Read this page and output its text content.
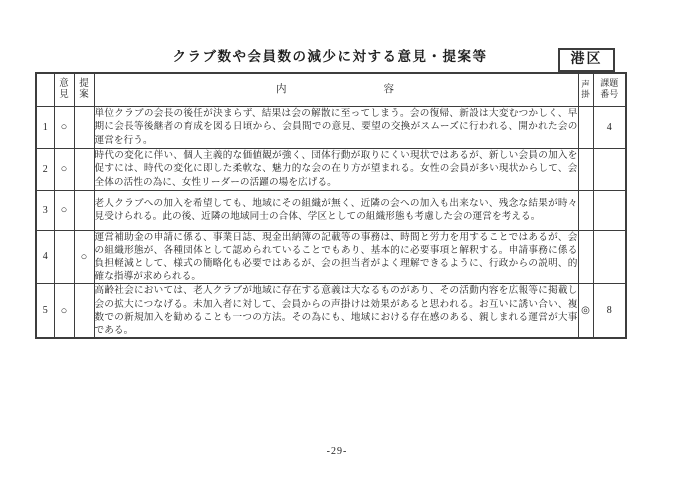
クラブ数や会員数の減少に対する意見・提案等	港区
	意見	提案	内 容	声掛	課題番号
1	○		単位クラブの会長の後任が決まらず、結果は会の解散に至ってしまう。会の復帰、新設は大変むつかしく、早期に会長等後継者の育成を図る日頃から、会員間での意見、要望の交換がスムーズに行われる、開かれた会の運営を行う。		4
2	○		時代の変化に伴い、個人主義的な価値観が強く、団体行動が取りにくい現状ではあるが、新しい会員の加入を促すには、時代の変化に即した柔軟な、魅力的な会の在り方が望まれる。女性の会員が多い現状からして、会全体の活性の為に、女性リーダーの活躍の場を広げる。		
3	○		老人クラブへの加入を希望しても、地域にその組織が無く、近隣の会への加入も出来ない、残念な結果が時々見受けられる。此の後、近隣の地域同士の合体、学区としての組織形態も考慮した会の運営を考える。		
4		○	運営補助金の申請に係る、事業日誌、現金出納簿の記載等の事務は、時間と労力を用することではあるが、会の組織形態が、各種団体として認められていることでもあり、基本的に必要事項と解釈する。申請事務に係る負担軽減として、様式の簡略化も必要ではあるが、会の担当者がよく理解できるように、行政からの説明、的確な指導が求められる。		
5	○		高齢社会においては、老人クラブが地域に存在する意義は大なるものがあり、その活動内容を広報等に掲載し会の拡大につなげる。未加入者に対して、会員からの声掛けは効果があると思われる。お互いに誘い合い、複数での新規加入を勧めることも一つの方法。その為にも、地域における存在感のある、親しまれる運営が大事である。	◎	8
-29-
